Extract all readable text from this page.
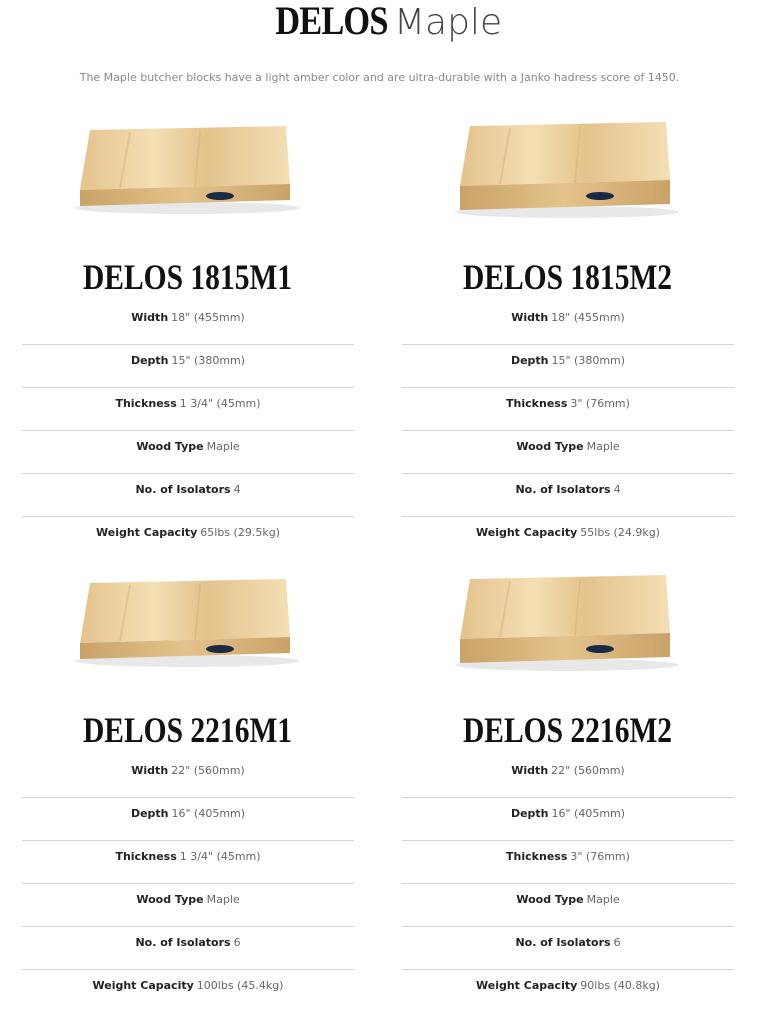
DELOS Maple
The Maple butcher blocks have a light amber color and are ultra-durable with a Janko hadress score of 1450.
DELOS 1815M1
Width 18" (455mm)
Depth 15" (380mm)
Thickness 1 3/4" (45mm)
Wood Type Maple
No. of Isolators 4
Weight Capacity 65lbs (29.5kg)
DELOS 1815M2
Width 18" (455mm)
Depth 15" (380mm)
Thickness 3" (76mm)
Wood Type Maple
No. of Isolators 4
Weight Capacity 55lbs (24.9kg)
DELOS 2216M1
Width 22" (560mm)
Depth 16" (405mm)
Thickness 1 3/4" (45mm)
Wood Type Maple
No. of Isolators 6
Weight Capacity 100lbs (45.4kg)
DELOS 2216M2
Width 22" (560mm)
Depth 16" (405mm)
Thickness 3" (76mm)
Wood Type Maple
No. of Isolators 6
Weight Capacity 90lbs (40.8kg)
